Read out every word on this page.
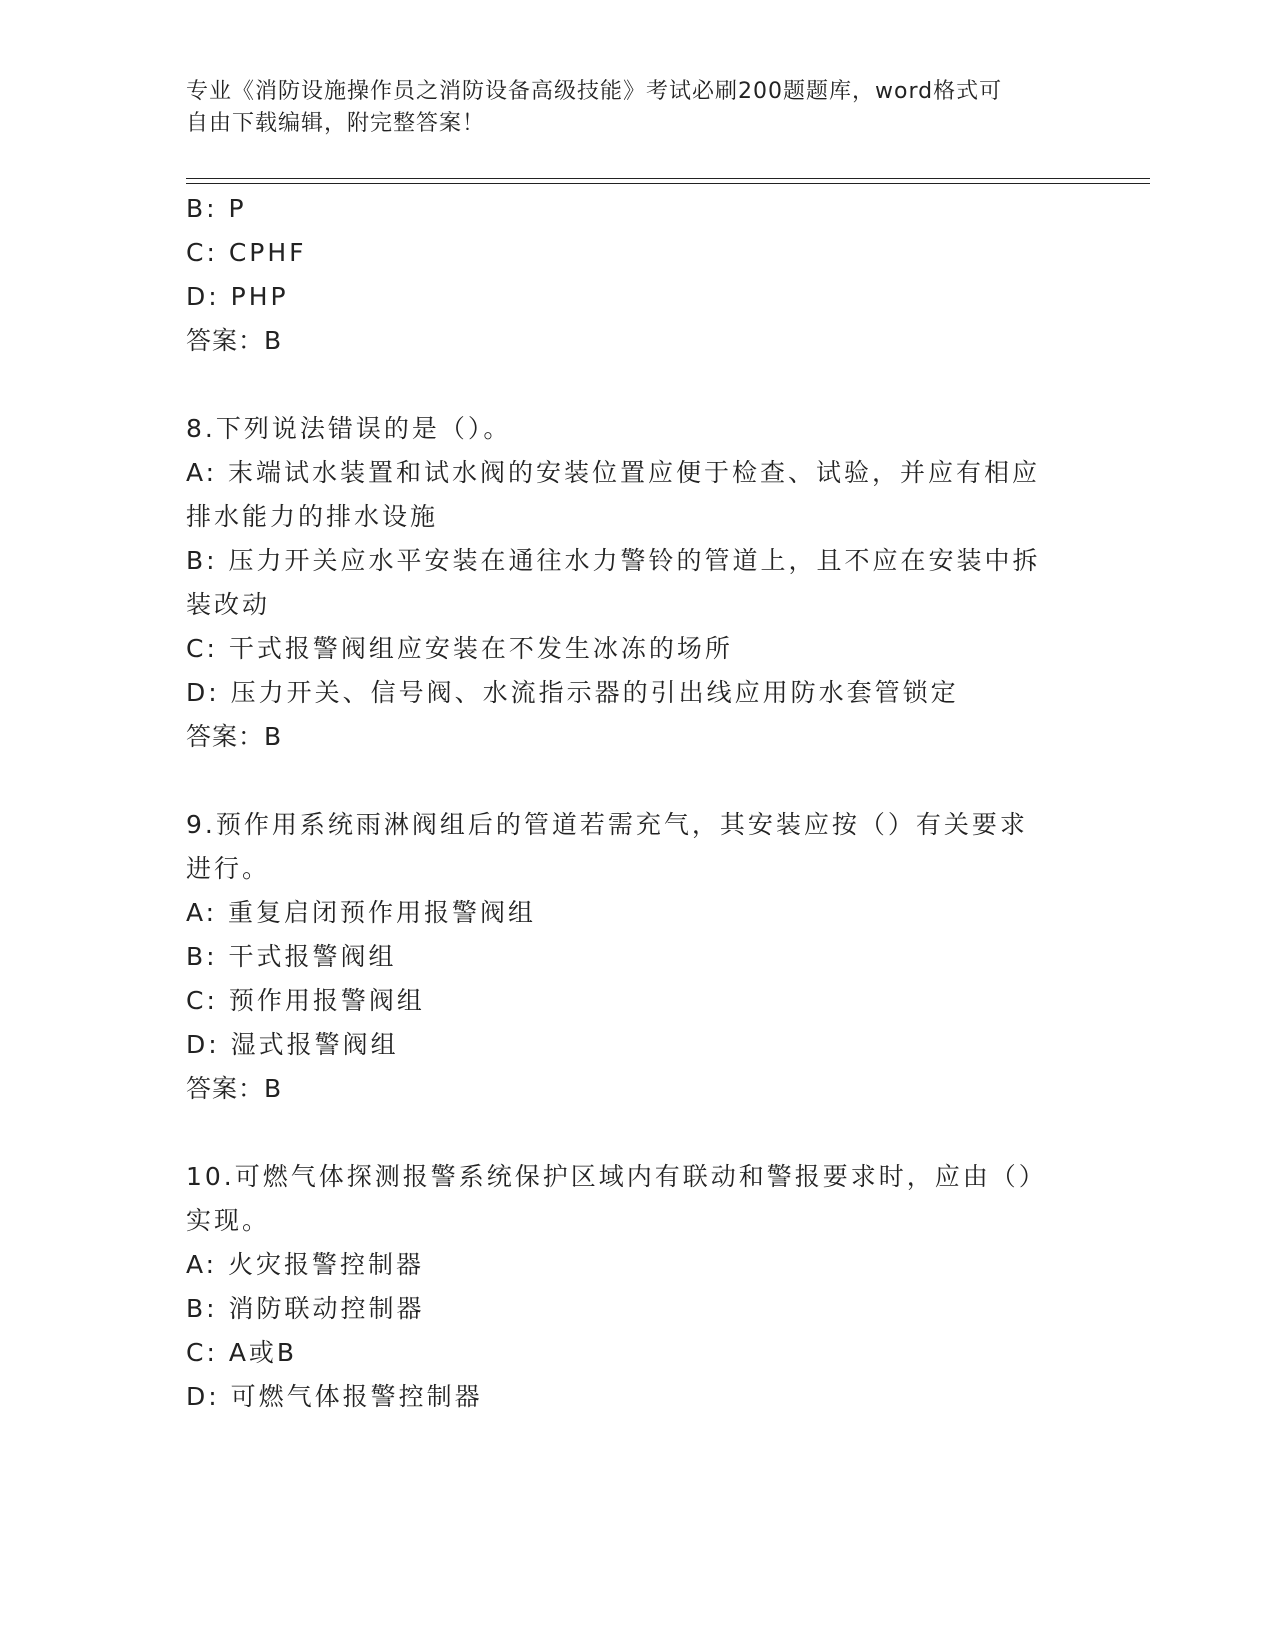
专业《消防设施操作员之消防设备高级技能》考试必刷200题题库，word格式可
自由下载编辑，附完整答案！
B: P
C: CPHF
D: PHP
答案：B
8.下列说法错误的是（）。
A: 末端试水装置和试水阀的安装位置应便于检查、试验，并应有相应
排水能力的排水设施
B: 压力开关应水平安装在通往水力警铃的管道上，且不应在安装中拆
装改动
C: 干式报警阀组应安装在不发生冰冻的场所
D: 压力开关、信号阀、水流指示器的引出线应用防水套管锁定
答案：B
9.预作用系统雨淋阀组后的管道若需充气，其安装应按（）有关要求
进行。
A: 重复启闭预作用报警阀组
B: 干式报警阀组
C: 预作用报警阀组
D: 湿式报警阀组
答案：B
10.可燃气体探测报警系统保护区域内有联动和警报要求时，应由（）
实现。
A: 火灾报警控制器
B: 消防联动控制器
C: A或B
D: 可燃气体报警控制器
